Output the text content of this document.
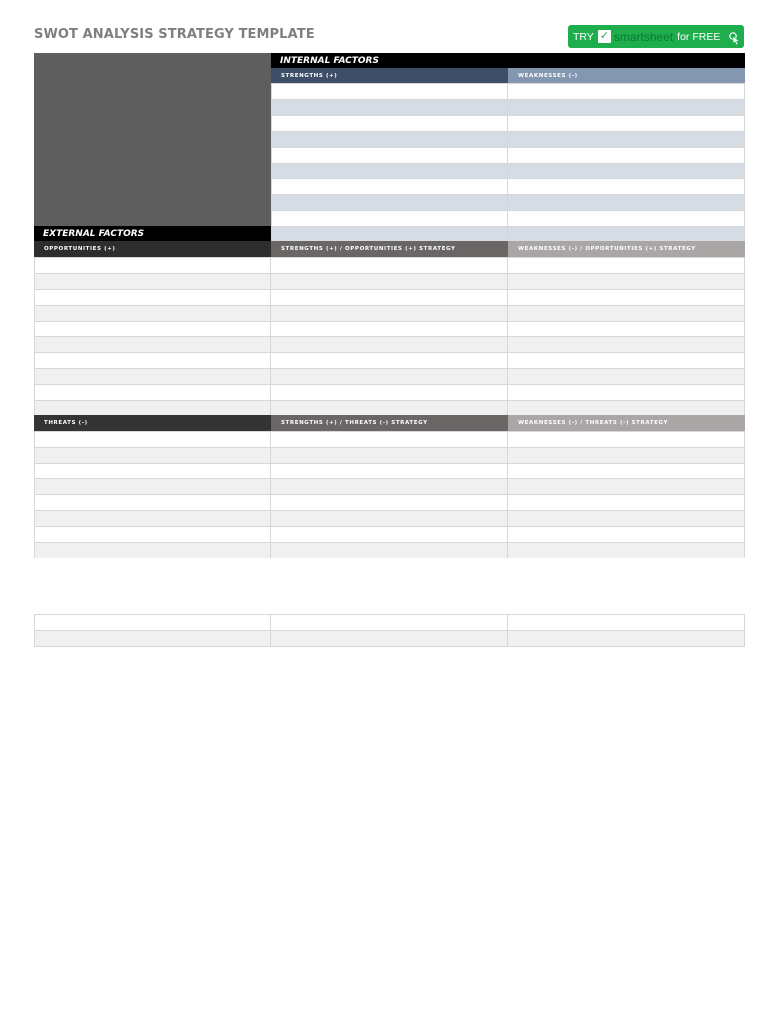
SWOT ANALYSIS STRATEGY TEMPLATE	TRY ✓ smartsheet for FREE
INTERNAL FACTORS
STRENGTHS (+)	WEAKNESSES (-)
EXTERNAL FACTORS
OPPORTUNITIES (+)	STRENGTHS (+) / OPPORTUNITIES (+) STRATEGY	WEAKNESSES (-) / OPPORTUNITIES (+) STRATEGY
THREATS (-)	STRENGTHS (+) / THREATS (-) STRATEGY	WEAKNESSES (-) / THREATS (-) STRATEGY
